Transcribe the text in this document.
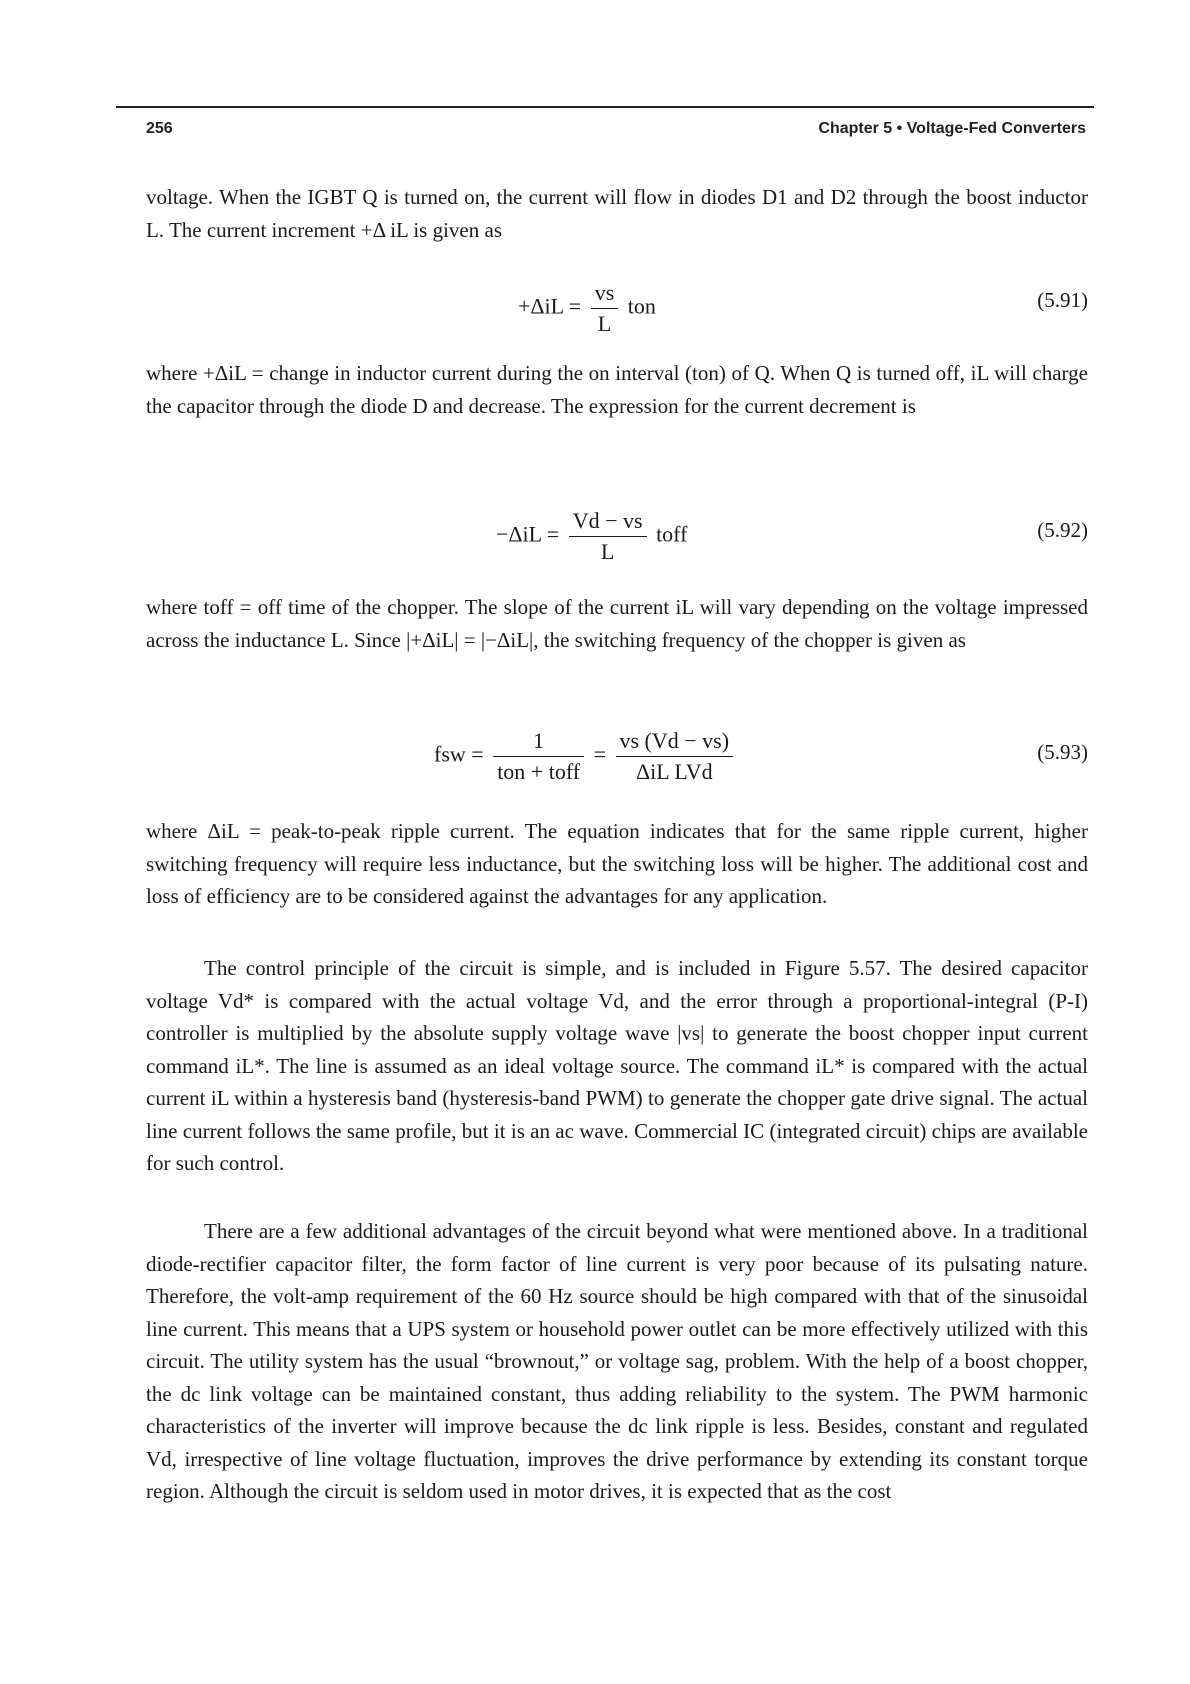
256	Chapter 5 • Voltage-Fed Converters

voltage. When the IGBT Q is turned on, the current will flow in diodes D1 and D2 through the boost inductor L. The current increment +Δ iL is given as

$+\Delta iL = \frac{vs}{L}$ ton	(5.91)

where +ΔiL = change in inductor current during the on interval (ton) of Q. When Q is turned off, iL will charge the capacitor through the diode D and decrease. The expression for the current decrement is

$-\Delta iL = \frac{Vd - vs}{L}$ toff	(5.92)

where toff = off time of the chopper. The slope of the current iL will vary depending on the voltage impressed across the inductance L. Since |+ΔiL| = |−ΔiL|, the switching frequency of the chopper is given as

fsw = $\frac{1}{\text{ton + toff}} = \frac{vs (Vd - vs)}{\text{ΔiL LVd}}$	(5.93)

where ΔiL = peak-to-peak ripple current. The equation indicates that for the same ripple current, higher switching frequency will require less inductance, but the switching loss will be higher. The additional cost and loss of efficiency are to be considered against the advantages for any application.

The control principle of the circuit is simple, and is included in Figure 5.57. The desired capacitor voltage Vd* is compared with the actual voltage Vd, and the error through a proportional-integral (P-I) controller is multiplied by the absolute supply voltage wave |vs| to generate the boost chopper input current command iL*. The line is assumed as an ideal voltage source. The command iL* is compared with the actual current iL within a hysteresis band (hysteresis-band PWM) to generate the chopper gate drive signal. The actual line current follows the same profile, but it is an ac wave. Commercial IC (integrated circuit) chips are available for such control.

There are a few additional advantages of the circuit beyond what were mentioned above. In a traditional diode-rectifier capacitor filter, the form factor of line current is very poor because of its pulsating nature. Therefore, the volt-amp requirement of the 60 Hz source should be high compared with that of the sinusoidal line current. This means that a UPS system or household power outlet can be more effectively utilized with this circuit. The utility system has the usual “brownout,” or voltage sag, problem. With the help of a boost chopper, the dc link voltage can be maintained constant, thus adding reliability to the system. The PWM harmonic characteristics of the inverter will improve because the dc link ripple is less. Besides, constant and regulated Vd, irrespective of line voltage fluctuation, improves the drive performance by extending its constant torque region. Although the circuit is seldom used in motor drives, it is expected that as the cost
